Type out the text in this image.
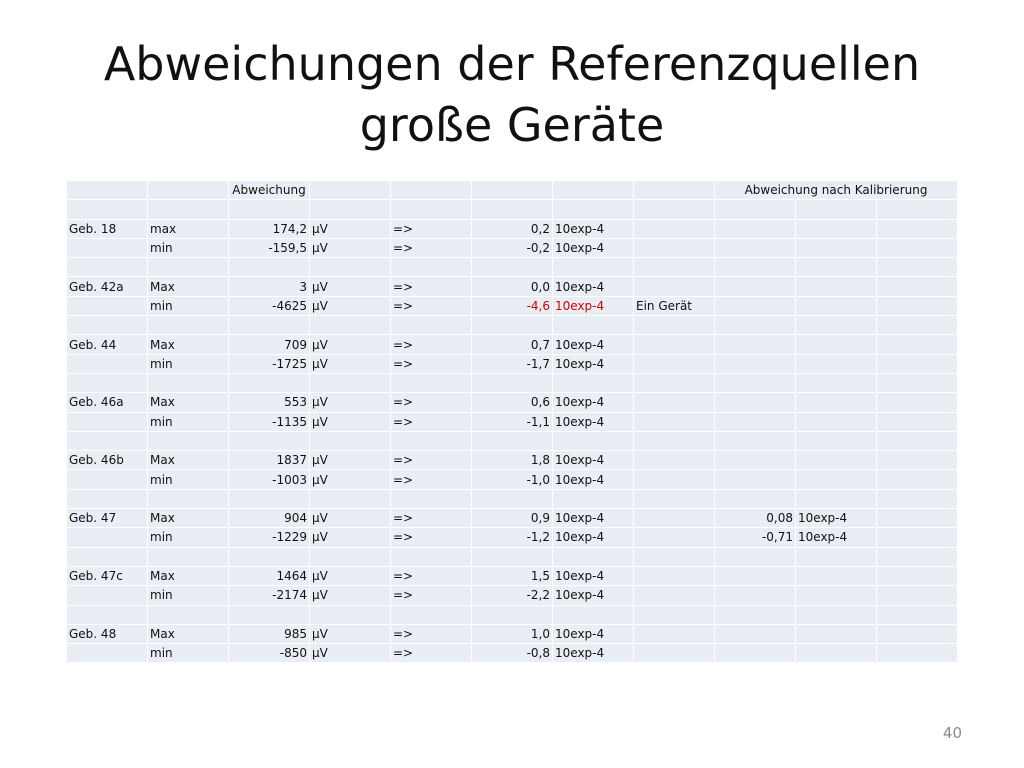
Abweichungen der Referenzquellen
große Geräte
		Abweichung						Abweichung nach Kalibrierung		

Geb. 18	max	174,2	µV	=>	0,2	10exp-4				
	min	-159,5	µV	=>	-0,2	10exp-4				

Geb. 42a	Max	3	µV	=>	0,0	10exp-4				
	min	-4625	µV	=>	-4,6	10exp-4	Ein Gerät			

Geb. 44	Max	709	µV	=>	0,7	10exp-4				
	min	-1725	µV	=>	-1,7	10exp-4				

Geb. 46a	Max	553	µV	=>	0,6	10exp-4				
	min	-1135	µV	=>	-1,1	10exp-4				

Geb. 46b	Max	1837	µV	=>	1,8	10exp-4				
	min	-1003	µV	=>	-1,0	10exp-4				

Geb. 47	Max	904	µV	=>	0,9	10exp-4		0,08	10exp-4	
	min	-1229	µV	=>	-1,2	10exp-4		-0,71	10exp-4	

Geb. 47c	Max	1464	µV	=>	1,5	10exp-4				
	min	-2174	µV	=>	-2,2	10exp-4				

Geb. 48	Max	985	µV	=>	1,0	10exp-4				
	min	-850	µV	=>	-0,8	10exp-4				
40
